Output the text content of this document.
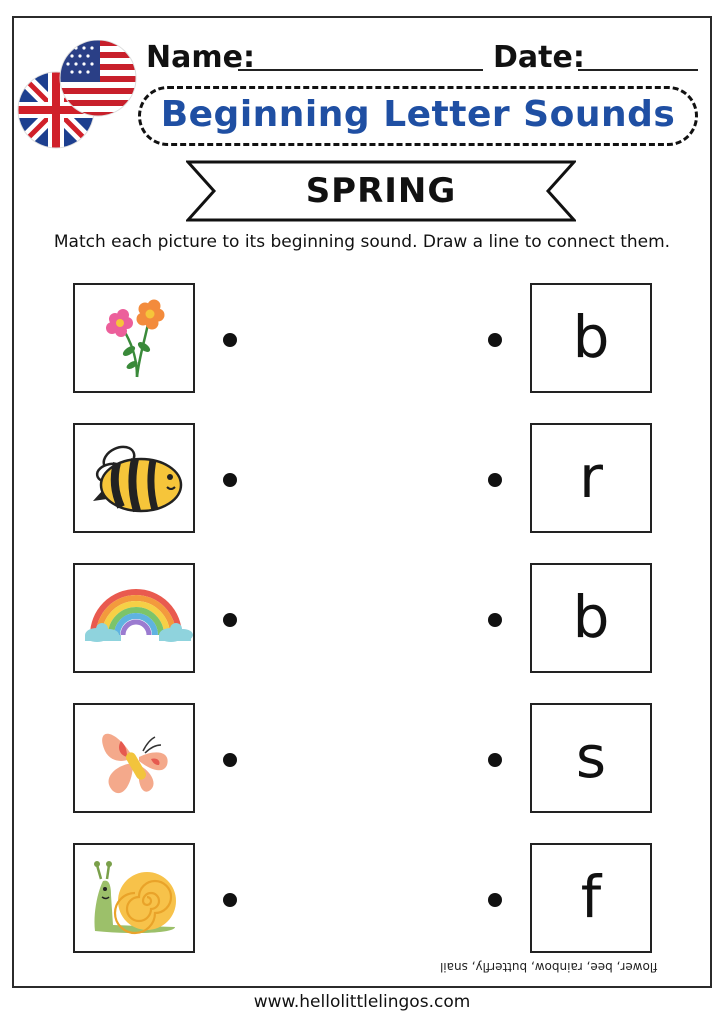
Name:	Date:
Beginning Letter Sounds
SPRING
Match each picture to its beginning sound. Draw a line to connect them.
b
r
b
s
f
flower, bee, rainbow, butterfly, snail
www.hellolittlelingos.com
